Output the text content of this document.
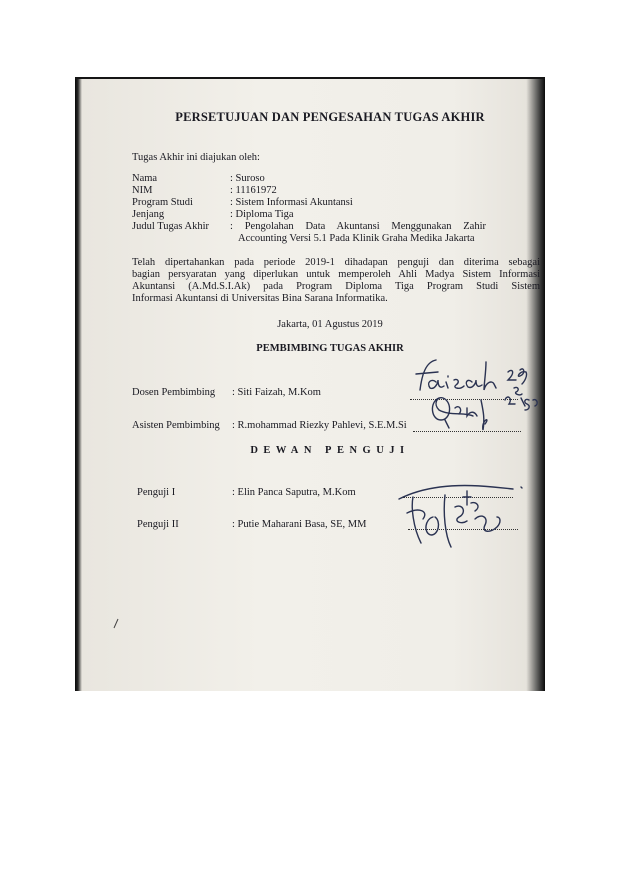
PERSETUJUAN DAN PENGESAHAN TUGAS AKHIR
Tugas Akhir ini diajukan oleh:
Nama	: Suroso
NIM	: 11161972
Program Studi	: Sistem Informasi Akuntansi
Jenjang	: Diploma Tiga
Judul Tugas Akhir : Pengolahan Data Akuntansi Menggunakan Zahir
Accounting Versi 5.1 Pada Klinik Graha Medika Jakarta
Telah dipertahankan pada periode 2019-1 dihadapan penguji dan diterima sebagai
bagian persyaratan yang diperlukan untuk memperoleh Ahli Madya Sistem Informasi
Akuntansi (A.Md.S.I.Ak) pada Program Diploma Tiga Program Studi Sistem
Informasi Akuntansi di Universitas Bina Sarana Informatika.
Jakarta, 01 Agustus 2019
PEMBIMBING TUGAS AKHIR
Dosen Pembimbing : Siti Faizah, M.Kom
Asisten Pembimbing : R.mohammad Riezky Pahlevi, S.E.M.Si
DEWAN PENGUJI
Penguji I	: Elin Panca Saputra, M.Kom
Penguji II	: Putie Maharani Basa, SE, MM
